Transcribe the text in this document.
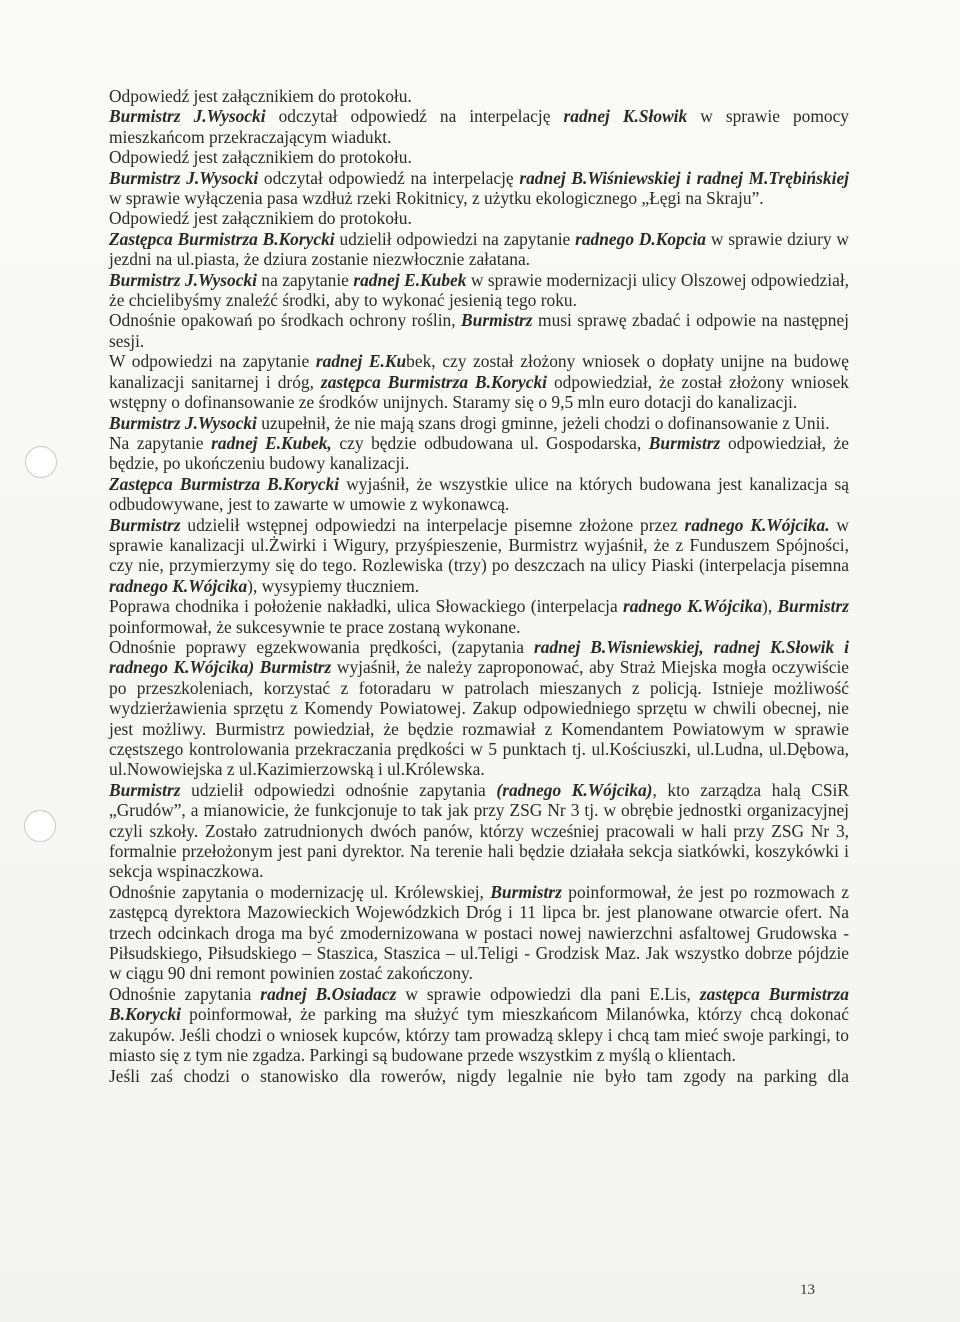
Odpowiedź jest załącznikiem do protokołu.

Burmistrz J.Wysocki odczytał odpowiedź na interpelację radnej K.Słowik w sprawie pomocy mieszkańcom przekraczającym wiadukt.

Odpowiedź jest załącznikiem do protokołu.

Burmistrz J.Wysocki odczytał odpowiedź na interpelację radnej B.Wiśniewskiej i radnej M.Trębińskiej w sprawie wyłączenia pasa wzdłuż rzeki Rokitnicy, z użytku ekologicznego „Łęgi na Skraju”.

Odpowiedź jest załącznikiem do protokołu.

Zastępca Burmistrza B.Korycki udzielił odpowiedzi na zapytanie radnego D.Kopcia w sprawie dziury w jezdni na ul.piasta, że dziura zostanie niezwłocznie załatana.

Burmistrz J.Wysocki na zapytanie radnej E.Kubek w sprawie modernizacji ulicy Olszowej odpowiedział, że chcielibyśmy znaleźć środki, aby to wykonać jesienią tego roku.

Odnośnie opakowań po środkach ochrony roślin, Burmistrz musi sprawę zbadać i odpowie na następnej sesji.

W odpowiedzi na zapytanie radnej E.Kubek, czy został złożony wniosek o dopłaty unijne na budowę kanalizacji sanitarnej i dróg, zastępca Burmistrza B.Korycki odpowiedział, że został złożony wniosek wstępny o dofinansowanie ze środków unijnych. Staramy się o 9,5 mln euro dotacji do kanalizacji.

Burmistrz J.Wysocki uzupełnił, że nie mają szans drogi gminne, jeżeli chodzi o dofinansowanie z Unii.

Na zapytanie radnej E.Kubek, czy będzie odbudowana ul. Gospodarska, Burmistrz odpowiedział, że będzie, po ukończeniu budowy kanalizacji.

Zastępca Burmistrza B.Korycki wyjaśnił, że wszystkie ulice na których budowana jest kanalizacja są odbudowywane, jest to zawarte w umowie z wykonawcą.

Burmistrz udzielił wstępnej odpowiedzi na interpelacje pisemne złożone przez radnego K.Wójcika. w sprawie kanalizacji ul.Żwirki i Wigury, przyśpieszenie, Burmistrz wyjaśnił, że z Funduszem Spójności, czy nie, przymierzymy się do tego. Rozlewiska (trzy) po deszczach na ulicy Piaski (interpelacja pisemna radnego K.Wójcika), wysypiemy tłuczniem.

Poprawa chodnika i położenie nakładki, ulica Słowackiego (interpelacja radnego K.Wójcika), Burmistrz poinformował, że sukcesywnie te prace zostaną wykonane.

Odnośnie poprawy egzekwowania prędkości, (zapytania radnej B.Wisniewskiej, radnej K.Słowik i radnego K.Wójcika) Burmistrz wyjaśnił, że należy zaproponować, aby Straż Miejska mogła oczywiście po przeszkoleniach, korzystać z fotoradaru w patrolach mieszanych z policją. Istnieje możliwość wydzierżawienia sprzętu z Komendy Powiatowej. Zakup odpowiedniego sprzętu w chwili obecnej, nie jest możliwy. Burmistrz powiedział, że będzie rozmawiał z Komendantem Powiatowym w sprawie częstszego kontrolowania przekraczania prędkości w 5 punktach tj. ul.Kościuszki, ul.Ludna, ul.Dębowa, ul.Nowowiejska z ul.Kazimierzowską i ul.Królewska.

Burmistrz udzielił odpowiedzi odnośnie zapytania (radnego K.Wójcika), kto zarządza halą CSiR „Grudów”, a mianowicie, że funkcjonuje to tak jak przy ZSG Nr 3 tj. w obrębie jednostki organizacyjnej czyli szkoły. Zostało zatrudnionych dwóch panów, którzy wcześniej pracowali w hali przy ZSG Nr 3, formalnie przełożonym jest pani dyrektor. Na terenie hali będzie działała sekcja siatkówki, koszykówki i sekcja wspinaczkowa.

Odnośnie zapytania o modernizację ul. Królewskiej, Burmistrz poinformował, że jest po rozmowach z zastępcą dyrektora Mazowieckich Wojewódzkich Dróg i 11 lipca br. jest planowane otwarcie ofert. Na trzech odcinkach droga ma być zmodernizowana w postaci nowej nawierzchni asfaltowej Grudowska - Piłsudskiego, Piłsudskiego – Staszica, Staszica – ul.Teligi - Grodzisk Maz. Jak wszystko dobrze pójdzie w ciągu 90 dni remont powinien zostać zakończony.

Odnośnie zapytania radnej B.Osiadacz w sprawie odpowiedzi dla pani E.Lis, zastępca Burmistrza B.Korycki poinformował, że parking ma służyć tym mieszkańcom Milanówka, którzy chcą dokonać zakupów. Jeśli chodzi o wniosek kupców, którzy tam prowadzą sklepy i chcą tam mieć swoje parkingi, to miasto się z tym nie zgadza. Parkingi są budowane przede wszystkim z myślą o klientach.

Jeśli zaś chodzi o stanowisko dla rowerów, nigdy legalnie nie było tam zgody na parking dla

13
